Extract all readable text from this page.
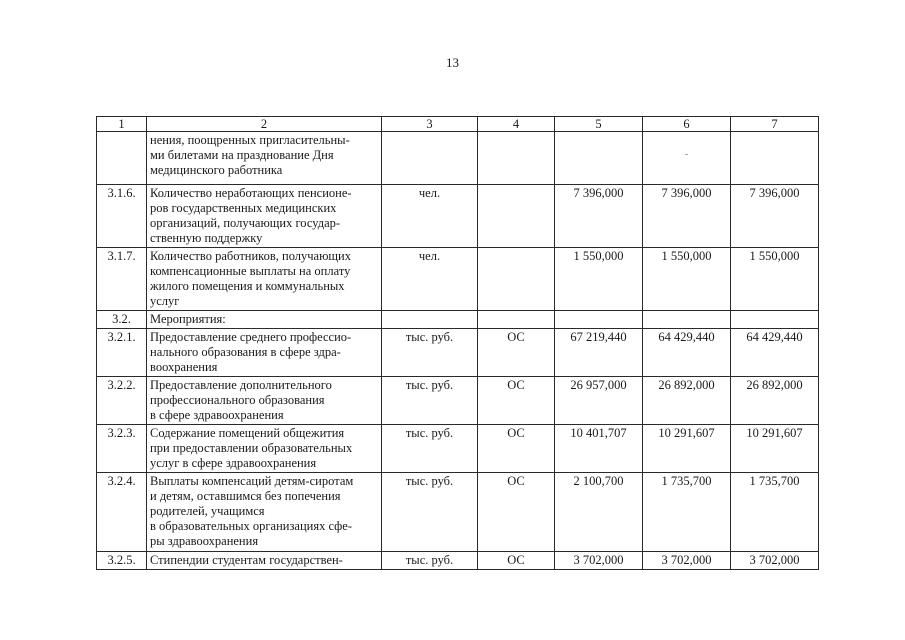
13
1	2	3	4	5	6	7

	нения, поощренных пригласительны-
ми билетами на празднование Дня
медицинского работника				-	

3.1.6.	Количество неработающих пенсионе-
ров государственных медицинских
организаций, получающих государ-
ственную поддержку	чел.		7 396,000	7 396,000	7 396,000
3.1.7.	Количество работников, получающих
компенсационные выплаты на оплату
жилого помещения и коммунальных
услуг	чел.		1 550,000	1 550,000	1 550,000
3.2.	Мероприятия:					

3.2.1.	Предоставление среднего профессио-
нального образования в сфере здра-
воохранения	тыс. руб.	ОС	67 219,440	64 429,440	64 429,440
3.2.2.	Предоставление дополнительного
профессионального образования
в сфере здравоохранения	тыс. руб.	ОС	26 957,000	26 892,000	26 892,000
3.2.3.	Содержание помещений общежития
при предоставлении образовательных
услуг в сфере здравоохранения	тыс. руб.	ОС	10 401,707	10 291,607	10 291,607
3.2.4.	Выплаты компенсаций детям-сиротам
и детям, оставшимся без попечения
родителей, учащимся
в образовательных организациях сфе-
ры здравоохранения	тыс. руб.	ОС	2 100,700	1 735,700	1 735,700
3.2.5.	Стипендии студентам государствен-	тыс. руб.	ОС	3 702,000	3 702,000	3 702,000
